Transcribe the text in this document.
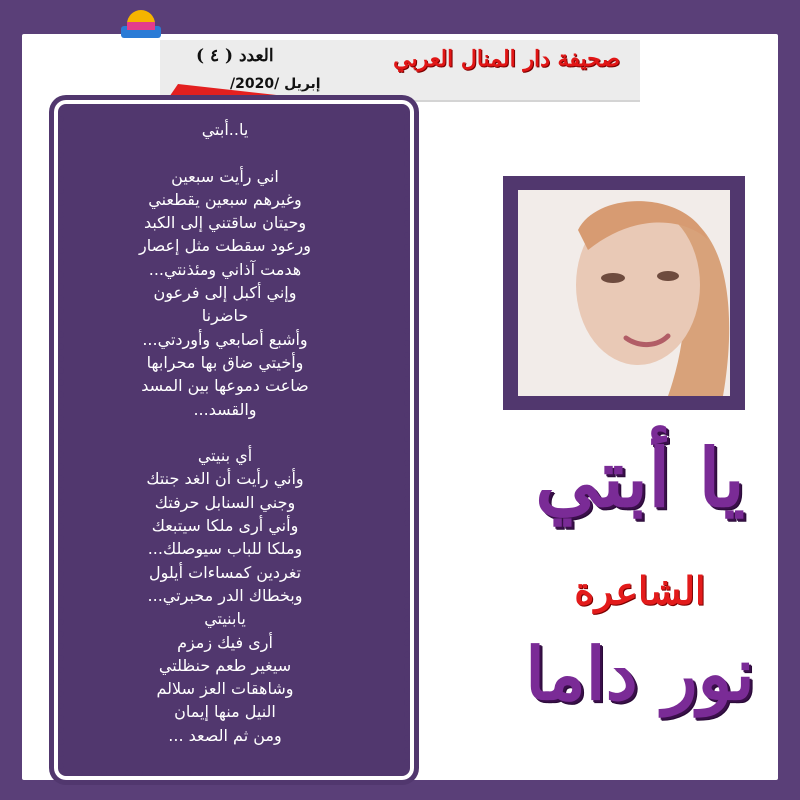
صحيفة دار المنال العربي
العدد ( ٤ )
إبريل /2020/
يا..أبتي

اني رأيت سبعين
وغيرهم سبعين يقطعني
وحيتان ساقتني إلى الكبد
ورعود سقطت مثل إعصار
هدمت آذاني ومئذنتي...
وإني أكبل إلى فرعون
حاضرنا
وأشبع أصابعي وأوردتي...
وأخيتي ضاق بها محرابها
ضاعت دموعها بين المسد
والقسد...

أي بنيتي
وأني رأيت أن الغد جنتك
وجني السنابل حرفتك
وأني أرى ملكا سيتبعك
وملكا للباب سيوصلك...
تغردين كمساءات أيلول
وبخطاك الدر محبرتي...
يابنيتي
أرى فيك زمزم
سيغير طعم حنظلتي
وشاهقات العز سلالم
النيل منها إيمان
ومن ثم الصعد ...
يا أبتي
الشاعرة
نور داما
